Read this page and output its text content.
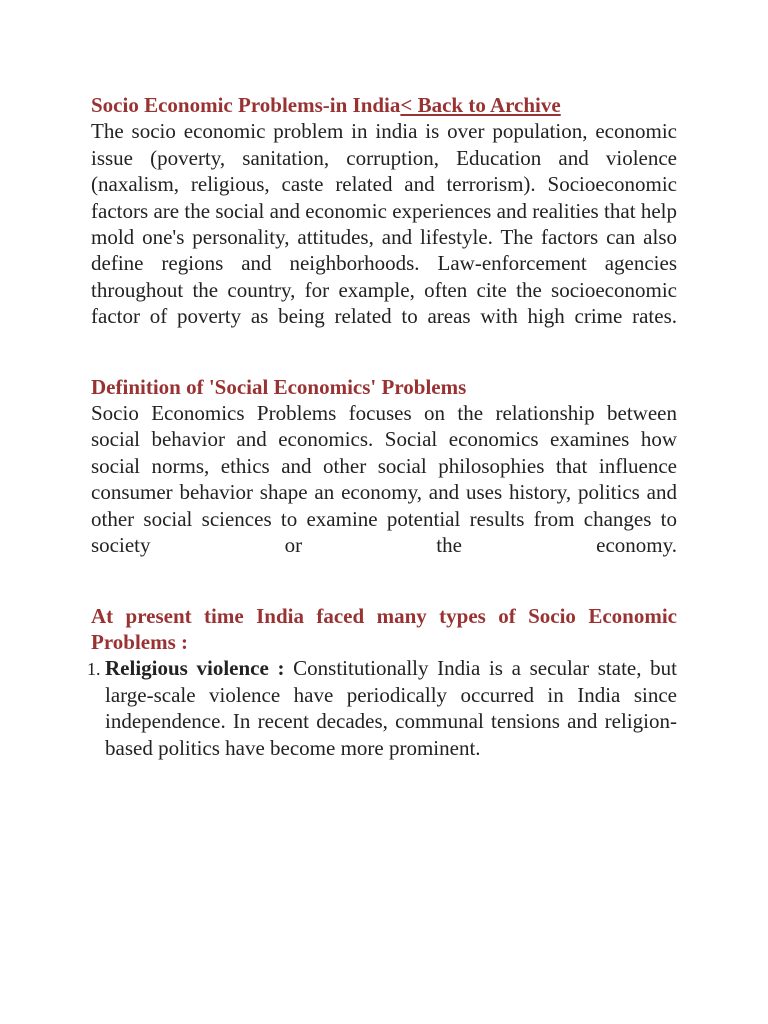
Socio Economic Problems-in India< Back to Archive

The socio economic problem in india is over population, economic issue (poverty, sanitation, corruption, Education and violence (naxalism, religious, caste related and terrorism). Socioeconomic factors are the social and economic experiences and realities that help mold one's personality, attitudes, and lifestyle. The factors can also define regions and neighborhoods. Law-enforcement agencies throughout the country, for example, often cite the socioeconomic factor of poverty as being related to areas with high crime rates.

Definition of 'Social Economics' Problems

Socio Economics Problems focuses on the relationship between social behavior and economics. Social economics examines how social norms, ethics and other social philosophies that influence consumer behavior shape an economy, and uses history, politics and other social sciences to examine potential results from changes to society or the economy.

At present time India faced many types of Socio Economic Problems :

1. Religious violence : Constitutionally India is a secular state, but large-scale violence have periodically occurred in India since independence. In recent decades, communal tensions and religion-based politics have become more prominent.
